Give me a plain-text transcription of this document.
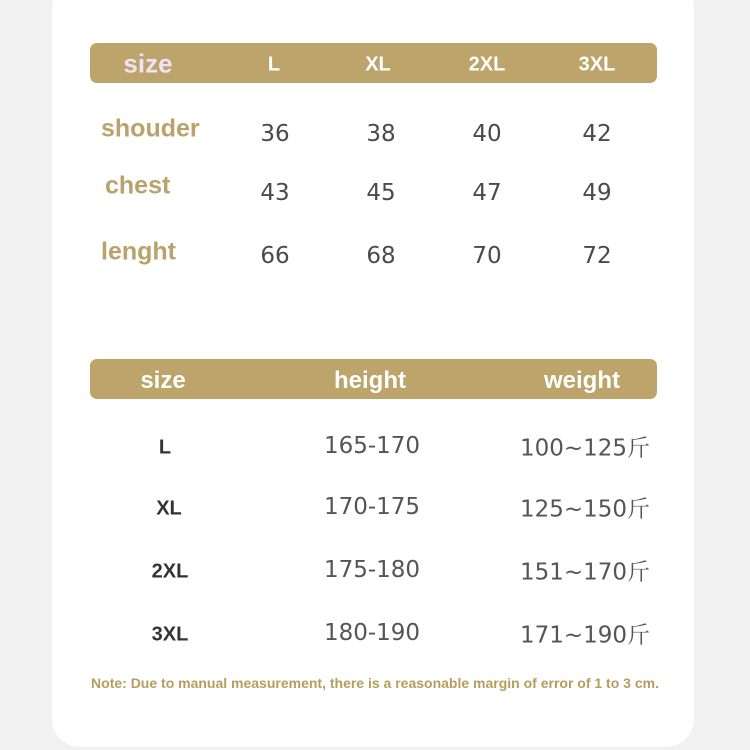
size	L	XL	2XL	3XL
shouder	36	38	40	42
chest	43	45	47	49
lenght	66	68	70	72
size	height	weight
L	165-170	100~125斤
XL	170-175	125~150斤
2XL	175-180	151~170斤
3XL	180-190	171~190斤
Note: Due to manual measurement, there is a reasonable margin of error of 1 to 3 cm.
